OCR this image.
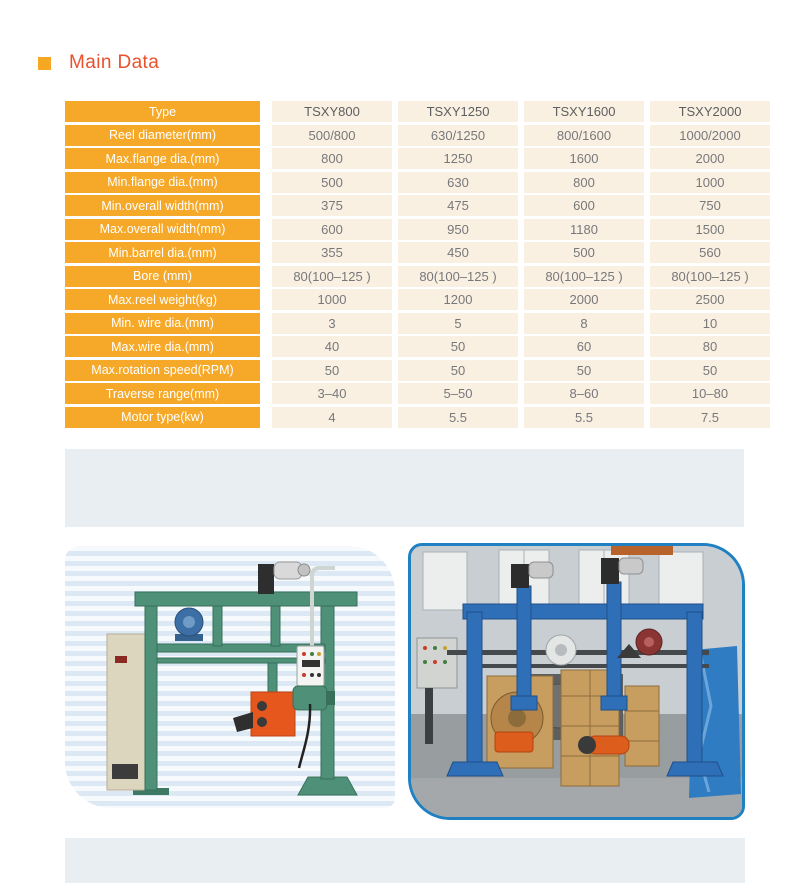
Main Data
Type	TSXY800	TSXY1250	TSXY1600	TSXY2000
Reel diameter(mm)	500/800	630/1250	800/1600	1000/2000
Max.flange dia.(mm)	800	1250	1600	2000
Min.flange dia.(mm)	500	630	800	1000
Min.overall width(mm)	375	475	600	750
Max.overall width(mm)	600	950	1180	1500
Min.barrel dia.(mm)	355	450	500	560
Bore (mm)	80(100–125 )	80(100–125 )	80(100–125 )	80(100–125 )
Max.reel weight(kg)	1000	1200	2000	2500
Min. wire dia.(mm)	3	5	8	10
Max.wire dia.(mm)	40	50	60	80
Max.rotation speed(RPM)	50	50	50	50
Traverse range(mm)	3–40	5–50	8–60	10–80
Motor type(kw)	4	5.5	5.5	7.5
